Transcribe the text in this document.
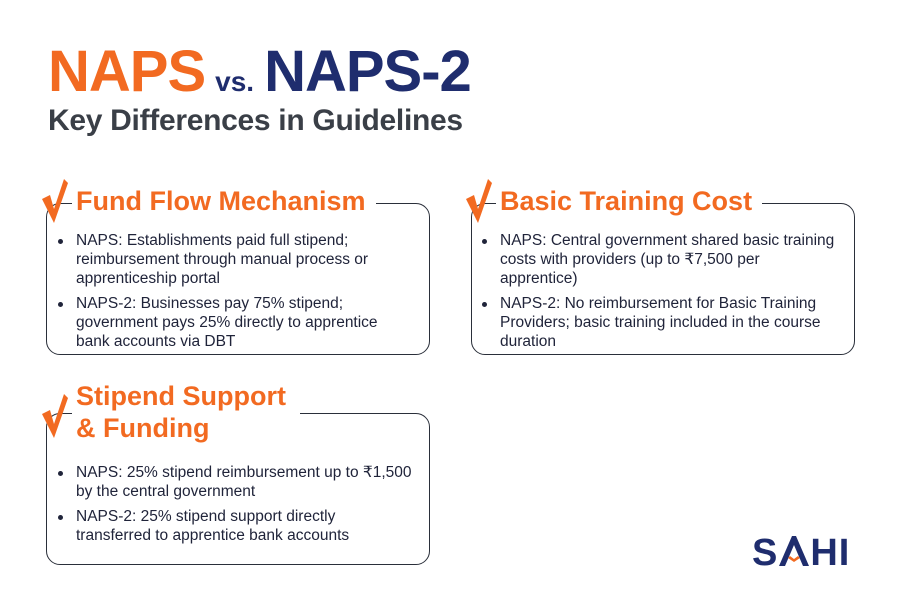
NAPS vs. NAPS-2
Key Differences in Guidelines
Fund Flow Mechanism
NAPS: Establishments paid full stipend; reimbursement through manual process or apprenticeship portal
NAPS-2: Businesses pay 75% stipend; government pays 25% directly to apprentice bank accounts via DBT
Basic Training Cost
NAPS: Central government shared basic training costs with providers (up to ₹7,500 per apprentice)
NAPS-2: No reimbursement for Basic Training Providers; basic training included in the course duration
Stipend Support
& Funding
NAPS: 25% stipend reimbursement up to ₹1,500 by the central government
NAPS-2: 25% stipend support directly transferred to apprentice bank accounts	S HI
